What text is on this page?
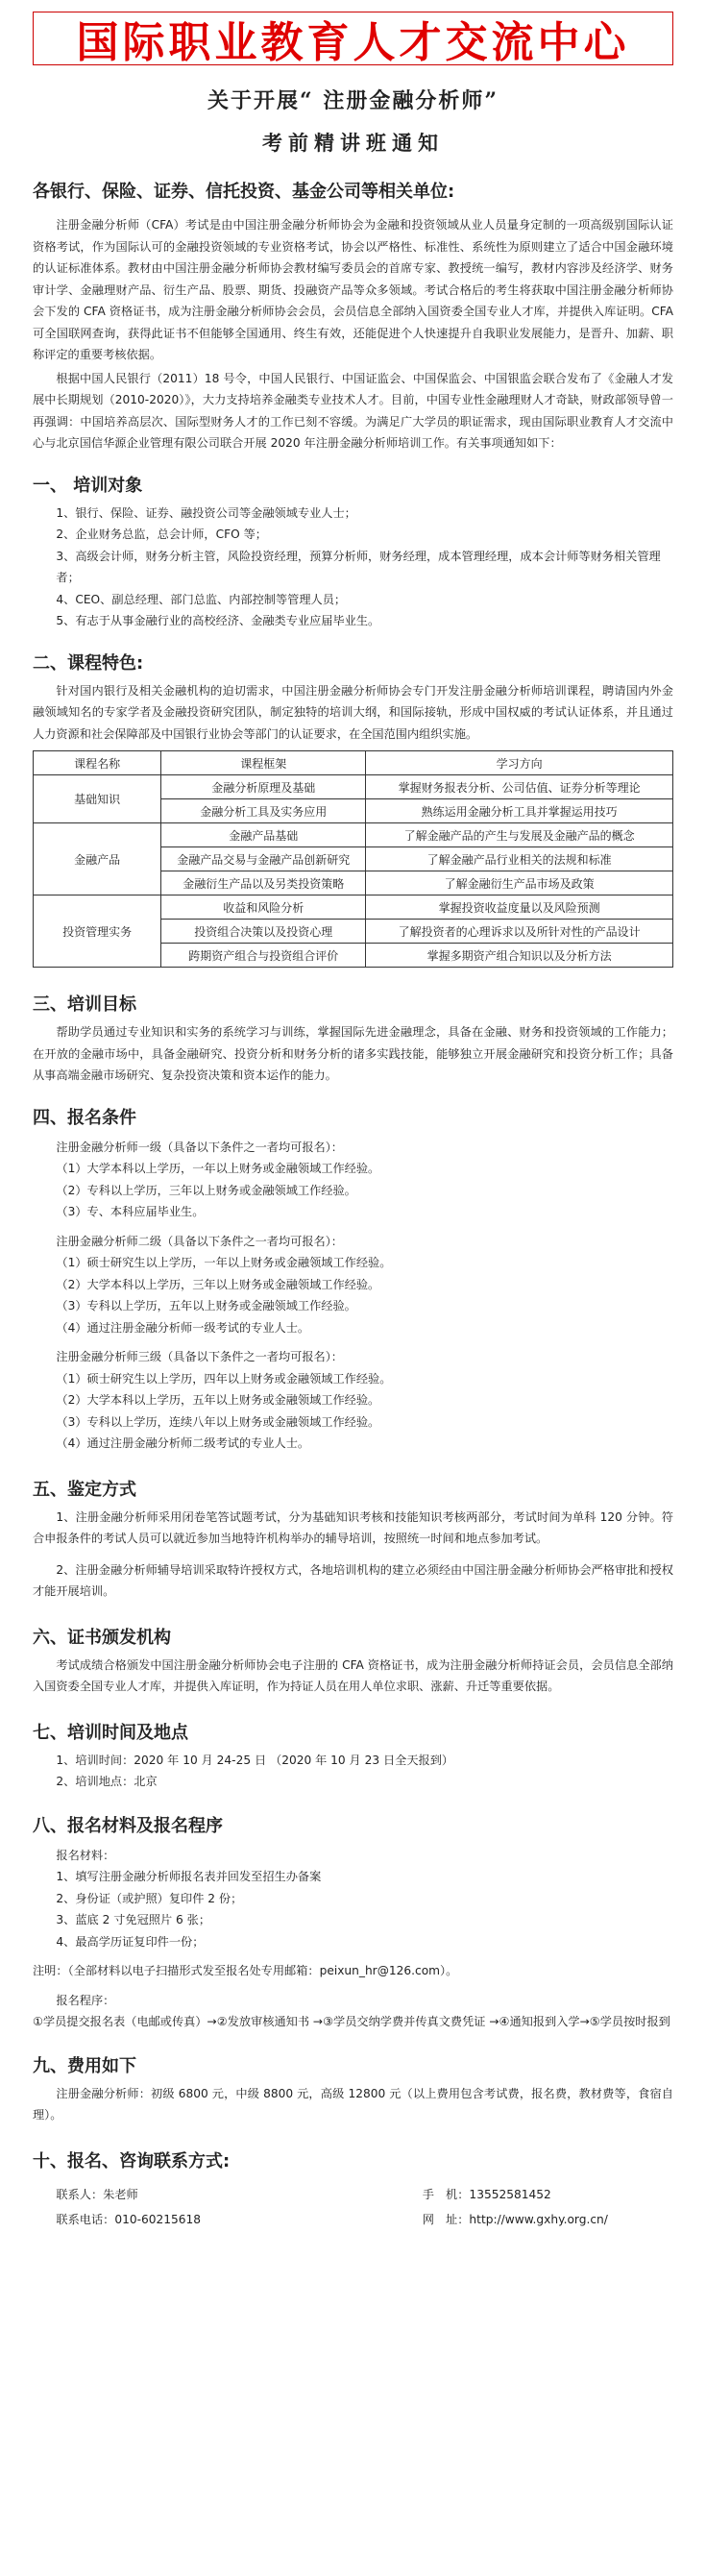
国际职业教育人才交流中心
关于开展“ 注册金融分析师”
考前精讲班通知
各银行、保险、证券、信托投资、基金公司等相关单位:

注册金融分析师（CFA）考试是由中国注册金融分析师协会为金融和投资领域从业人员量身定制的一项高级别国际认证资格考试，作为国际认可的金融投资领域的专业资格考试，协会以严格性、标准性、系统性为原则建立了适合中国金融环境的认证标准体系。教材由中国注册金融分析师协会教材编写委员会的首席专家、教授统一编写，教材内容涉及经济学、财务审计学、金融理财产品、衍生产品、股票、期货、投融资产品等众多领域。考试合格后的考生将获取中国注册金融分析师协会下发的 CFA 资格证书，成为注册金融分析师协会会员，会员信息全部纳入国资委全国专业人才库，并提供入库证明。CFA 可全国联网查询，获得此证书不但能够全国通用、终生有效，还能促进个人快速提升自我职业发展能力，是晋升、加薪、职称评定的重要考核依据。

根据中国人民银行（2011）18 号令，中国人民银行、中国证监会、中国保监会、中国银监会联合发布了《金融人才发展中长期规划（2010-2020）》，大力支持培养金融类专业技术人才。目前，中国专业性金融理财人才奇缺，财政部领导曾一再强调：中国培养高层次、国际型财务人才的工作已刻不容缓。为满足广大学员的职证需求，现由国际职业教育人才交流中心与北京国信华源企业管理有限公司联合开展 2020 年注册金融分析师培训工作。有关事项通知如下：

一、 培训对象
1、银行、保险、证券、融投资公司等金融领域专业人士；
2、企业财务总监，总会计师，CFO 等；
3、高级会计师，财务分析主管，风险投资经理，预算分析师，财务经理，成本管理经理，成本会计师等财务相关管理者；
4、CEO、副总经理、部门总监、内部控制等管理人员；
5、有志于从事金融行业的高校经济、金融类专业应届毕业生。
二、课程特色:

针对国内银行及相关金融机构的迫切需求，中国注册金融分析师协会专门开发注册金融分析师培训课程，聘请国内外金融领域知名的专家学者及金融投资研究团队，制定独特的培训大纲，和国际接轨，形成中国权威的考试认证体系，并且通过人力资源和社会保障部及中国银行业协会等部门的认证要求，在全国范围内组织实施。

课程名称	课程框架	学习方向
基础知识	金融分析原理及基础	掌握财务报表分析、公司估值、证券分析等理论
	金融分析工具及实务应用	熟练运用金融分析工具并掌握运用技巧
金融产品	金融产品基础	了解金融产品的产生与发展及金融产品的概念
	金融产品交易与金融产品创新研究	了解金融产品行业相关的法规和标准
	金融衍生产品以及另类投资策略	了解金融衍生产品市场及政策
投资管理实务	收益和风险分析	掌握投资收益度量以及风险预测
	投资组合决策以及投资心理	了解投资者的心理诉求以及所针对性的产品设计
	跨期资产组合与投资组合评价	掌握多期资产组合知识以及分析方法
三、培训目标

帮助学员通过专业知识和实务的系统学习与训练，掌握国际先进金融理念，具备在金融、财务和投资领域的工作能力；在开放的金融市场中，具备金融研究、投资分析和财务分析的诸多实践技能，能够独立开展金融研究和投资分析工作；具备从事高端金融市场研究、复杂投资决策和资本运作的能力。

四、报名条件
注册金融分析师一级（具备以下条件之一者均可报名）：
（1）大学本科以上学历，一年以上财务或金融领域工作经验。
（2）专科以上学历，三年以上财务或金融领域工作经验。
（3）专、本科应届毕业生。
注册金融分析师二级（具备以下条件之一者均可报名）：
（1）硕士研究生以上学历，一年以上财务或金融领域工作经验。
（2）大学本科以上学历，三年以上财务或金融领域工作经验。
（3）专科以上学历，五年以上财务或金融领域工作经验。
（4）通过注册金融分析师一级考试的专业人士。
注册金融分析师三级（具备以下条件之一者均可报名）：
（1）硕士研究生以上学历，四年以上财务或金融领域工作经验。
（2）大学本科以上学历，五年以上财务或金融领域工作经验。
（3）专科以上学历，连续八年以上财务或金融领域工作经验。
（4）通过注册金融分析师二级考试的专业人士。
五、鉴定方式

1、注册金融分析师采用闭卷笔答试题考试，分为基础知识考核和技能知识考核两部分，考试时间为单科 120 分钟。符合申报条件的考试人员可以就近参加当地特许机构举办的辅导培训，按照统一时间和地点参加考试。

2、注册金融分析师辅导培训采取特许授权方式，各地培训机构的建立必须经由中国注册金融分析师协会严格审批和授权才能开展培训。

六、证书颁发机构

考试成绩合格颁发中国注册金融分析师协会电子注册的 CFA 资格证书，成为注册金融分析师持证会员，会员信息全部纳入国资委全国专业人才库，并提供入库证明，作为持证人员在用人单位求职、涨薪、升迁等重要依据。

七、培训时间及地点
1、培训时间：2020 年 10 月 24-25 日 （2020 年 10 月 23 日全天报到）
2、培训地点：北京
八、报名材料及报名程序
报名材料：
1、填写注册金融分析师报名表并回发至招生办备案
2、身份证（或护照）复印件 2 份；
3、蓝底 2 寸免冠照片 6 张；
4、最高学历证复印件一份；
注明：（全部材料以电子扫描形式发至报名处专用邮箱：peixun_hr@126.com）。
报名程序：
①学员提交报名表（电邮或传真）→②发放审核通知书 →③学员交纳学费并传真文费凭证 →④通知报到入学→⑤学员按时报到
九、费用如下

注册金融分析师：初级 6800 元，中级 8800 元，高级 12800 元（以上费用包含考试费，报名费，教材费等，食宿自理）。

十、报名、咨询联系方式:
联系人：朱老师
联系电话：010-60215618
手　机：13552581452
网　址：http://www.gxhy.org.cn/
